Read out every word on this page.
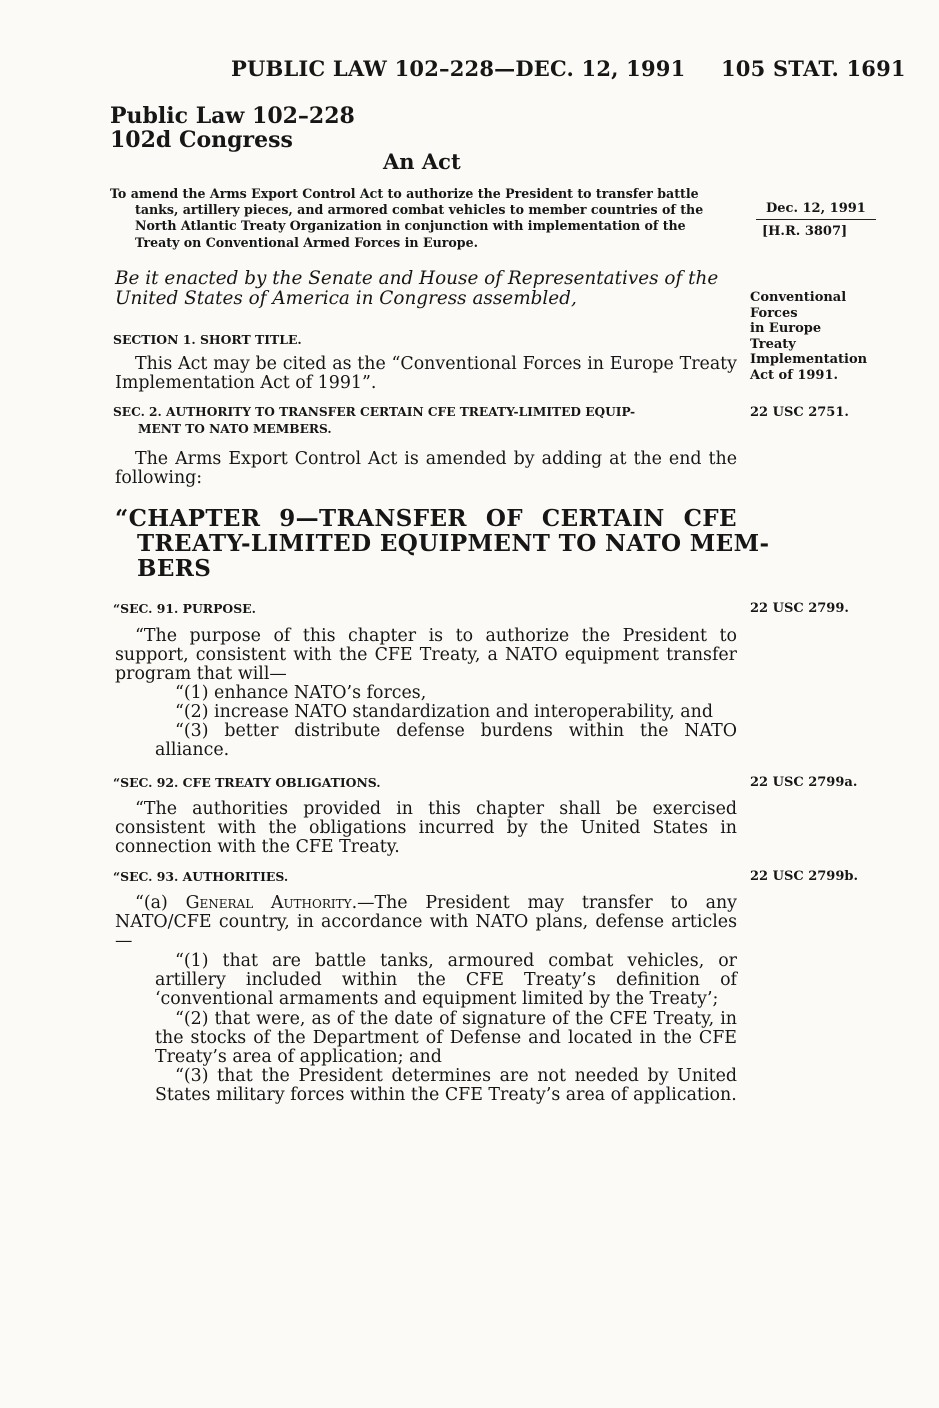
PUBLIC LAW 102–228—DEC. 12, 1991 105 STAT. 1691
Public Law 102–228
102d Congress
An Act
To amend the Arms Export Control Act to authorize the President to transfer battle
tanks, artillery pieces, and armored combat vehicles to member countries of the
North Atlantic Treaty Organization in conjunction with implementation of the
Treaty on Conventional Armed Forces in Europe.
Dec. 12, 1991
[H.R. 3807]
Be it enacted by the Senate and House of Representatives of the United States of America in Congress assembled,	Conventional
Forces
in Europe
Treaty
Implementation
Act of 1991.
SECTION 1. SHORT TITLE.
This Act may be cited as the “Conventional Forces in Europe Treaty Implementation Act of 1991”.
SEC. 2. AUTHORITY TO TRANSFER CERTAIN CFE TREATY-LIMITED EQUIP-
MENT TO NATO MEMBERS.
22 USC 2751.
The Arms Export Control Act is amended by adding at the end the following:
“CHAPTER 9—TRANSFER OF CERTAIN CFE
TREATY-LIMITED EQUIPMENT TO NATO MEM-
BERS
“SEC. 91. PURPOSE.	22 USC 2799.
“The purpose of this chapter is to authorize the President to support, consistent with the CFE Treaty, a NATO equipment transfer program that will—
“(1) enhance NATO’s forces,
“(2) increase NATO standardization and interoperability, and
“(3) better distribute defense burdens within the NATO alliance.
“SEC. 92. CFE TREATY OBLIGATIONS.	22 USC 2799a.
“The authorities provided in this chapter shall be exercised consistent with the obligations incurred by the United States in connection with the CFE Treaty.
“SEC. 93. AUTHORITIES.	22 USC 2799b.
“(a) General Authority.—The President may transfer to any NATO/CFE country, in accordance with NATO plans, defense articles—
“(1) that are battle tanks, armoured combat vehicles, or artillery included within the CFE Treaty’s definition of ‘conventional armaments and equipment limited by the Treaty’;
“(2) that were, as of the date of signature of the CFE Treaty, in the stocks of the Department of Defense and located in the CFE Treaty’s area of application; and
“(3) that the President determines are not needed by United States military forces within the CFE Treaty’s area of application.
